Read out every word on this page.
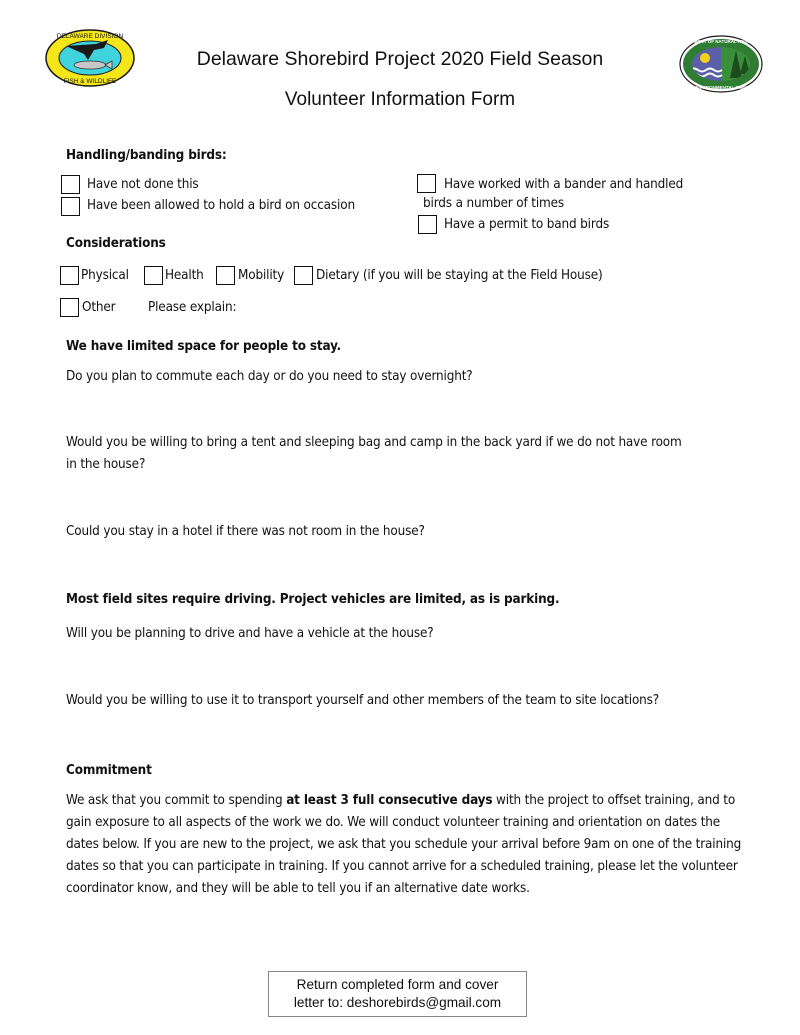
DELAWARE DIVISION
FISH & WILDLIFE
DEPARTMENT OF NATURAL RESOURCES
AND ENVIRONMENTAL CONTROL
Delaware Shorebird Project 2020 Field Season
Volunteer Information Form
Handling/banding birds:
Have not done this
Have been allowed to hold a bird on occasion
Have worked with a bander and handled
birds a number of times
Have a permit to band birds
Considerations
Physical	Health	Mobility Dietary (if you will be staying at the Field House)
Other Please explain:
We have limited space for people to stay.
Do you plan to commute each day or do you need to stay overnight?
Would you be willing to bring a tent and sleeping bag and camp in the back yard if we do not have room
in the house?
Could you stay in a hotel if there was not room in the house?
Most field sites require driving. Project vehicles are limited, as is parking.
Will you be planning to drive and have a vehicle at the house?
Would you be willing to use it to transport yourself and other members of the team to site locations?
Commitment
We ask that you commit to spending at least 3 full consecutive days with the project to offset training, and to gain exposure to all aspects of the work we do. We will conduct volunteer training and orientation on dates the dates below. If you are new to the project, we ask that you schedule your arrival before 9am on one of the training dates so that you can participate in training. If you cannot arrive for a scheduled training, please let the volunteer coordinator know, and they will be able to tell you if an alternative date works.
Return completed form and cover
letter to: deshorebirds@gmail.com
